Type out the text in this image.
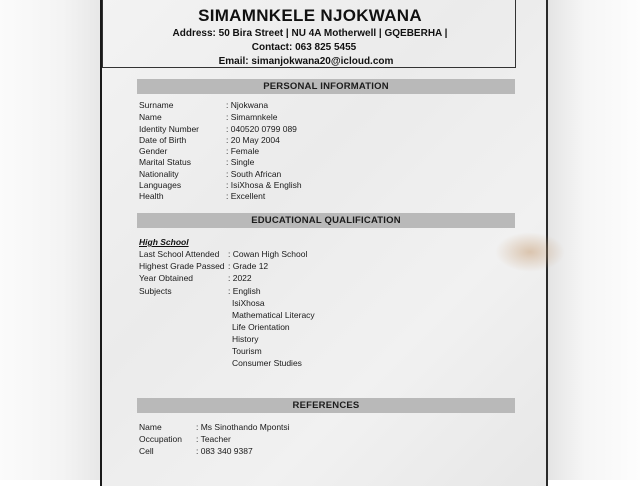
SIMAMNKELE NJOKWANA
Address: 50 Bira Street | NU 4A Motherwell | GQEBERHA |
Contact: 063 825 5455
Email: simanjokwana20@icloud.com
PERSONAL INFORMATION
Surname	: Njokwana
Name	: Simamnkele
Identity Number	: 040520 0799 089
Date of Birth	: 20 May 2004
Gender	: Female
Marital Status	: Single
Nationality	: South African
Languages	: IsiXhosa & English
Health	: Excellent
EDUCATIONAL QUALIFICATION
High School
Last School Attended : Cowan High School
Highest Grade Passed : Grade 12
Year Obtained	: 2022
Subjects	: English
IsiXhosa
Mathematical Literacy
Life Orientation
History
Tourism
Consumer Studies
REFERENCES
Name	: Ms Sinothando Mpontsi
Occupation : Teacher
Cell	: 083 340 9387
